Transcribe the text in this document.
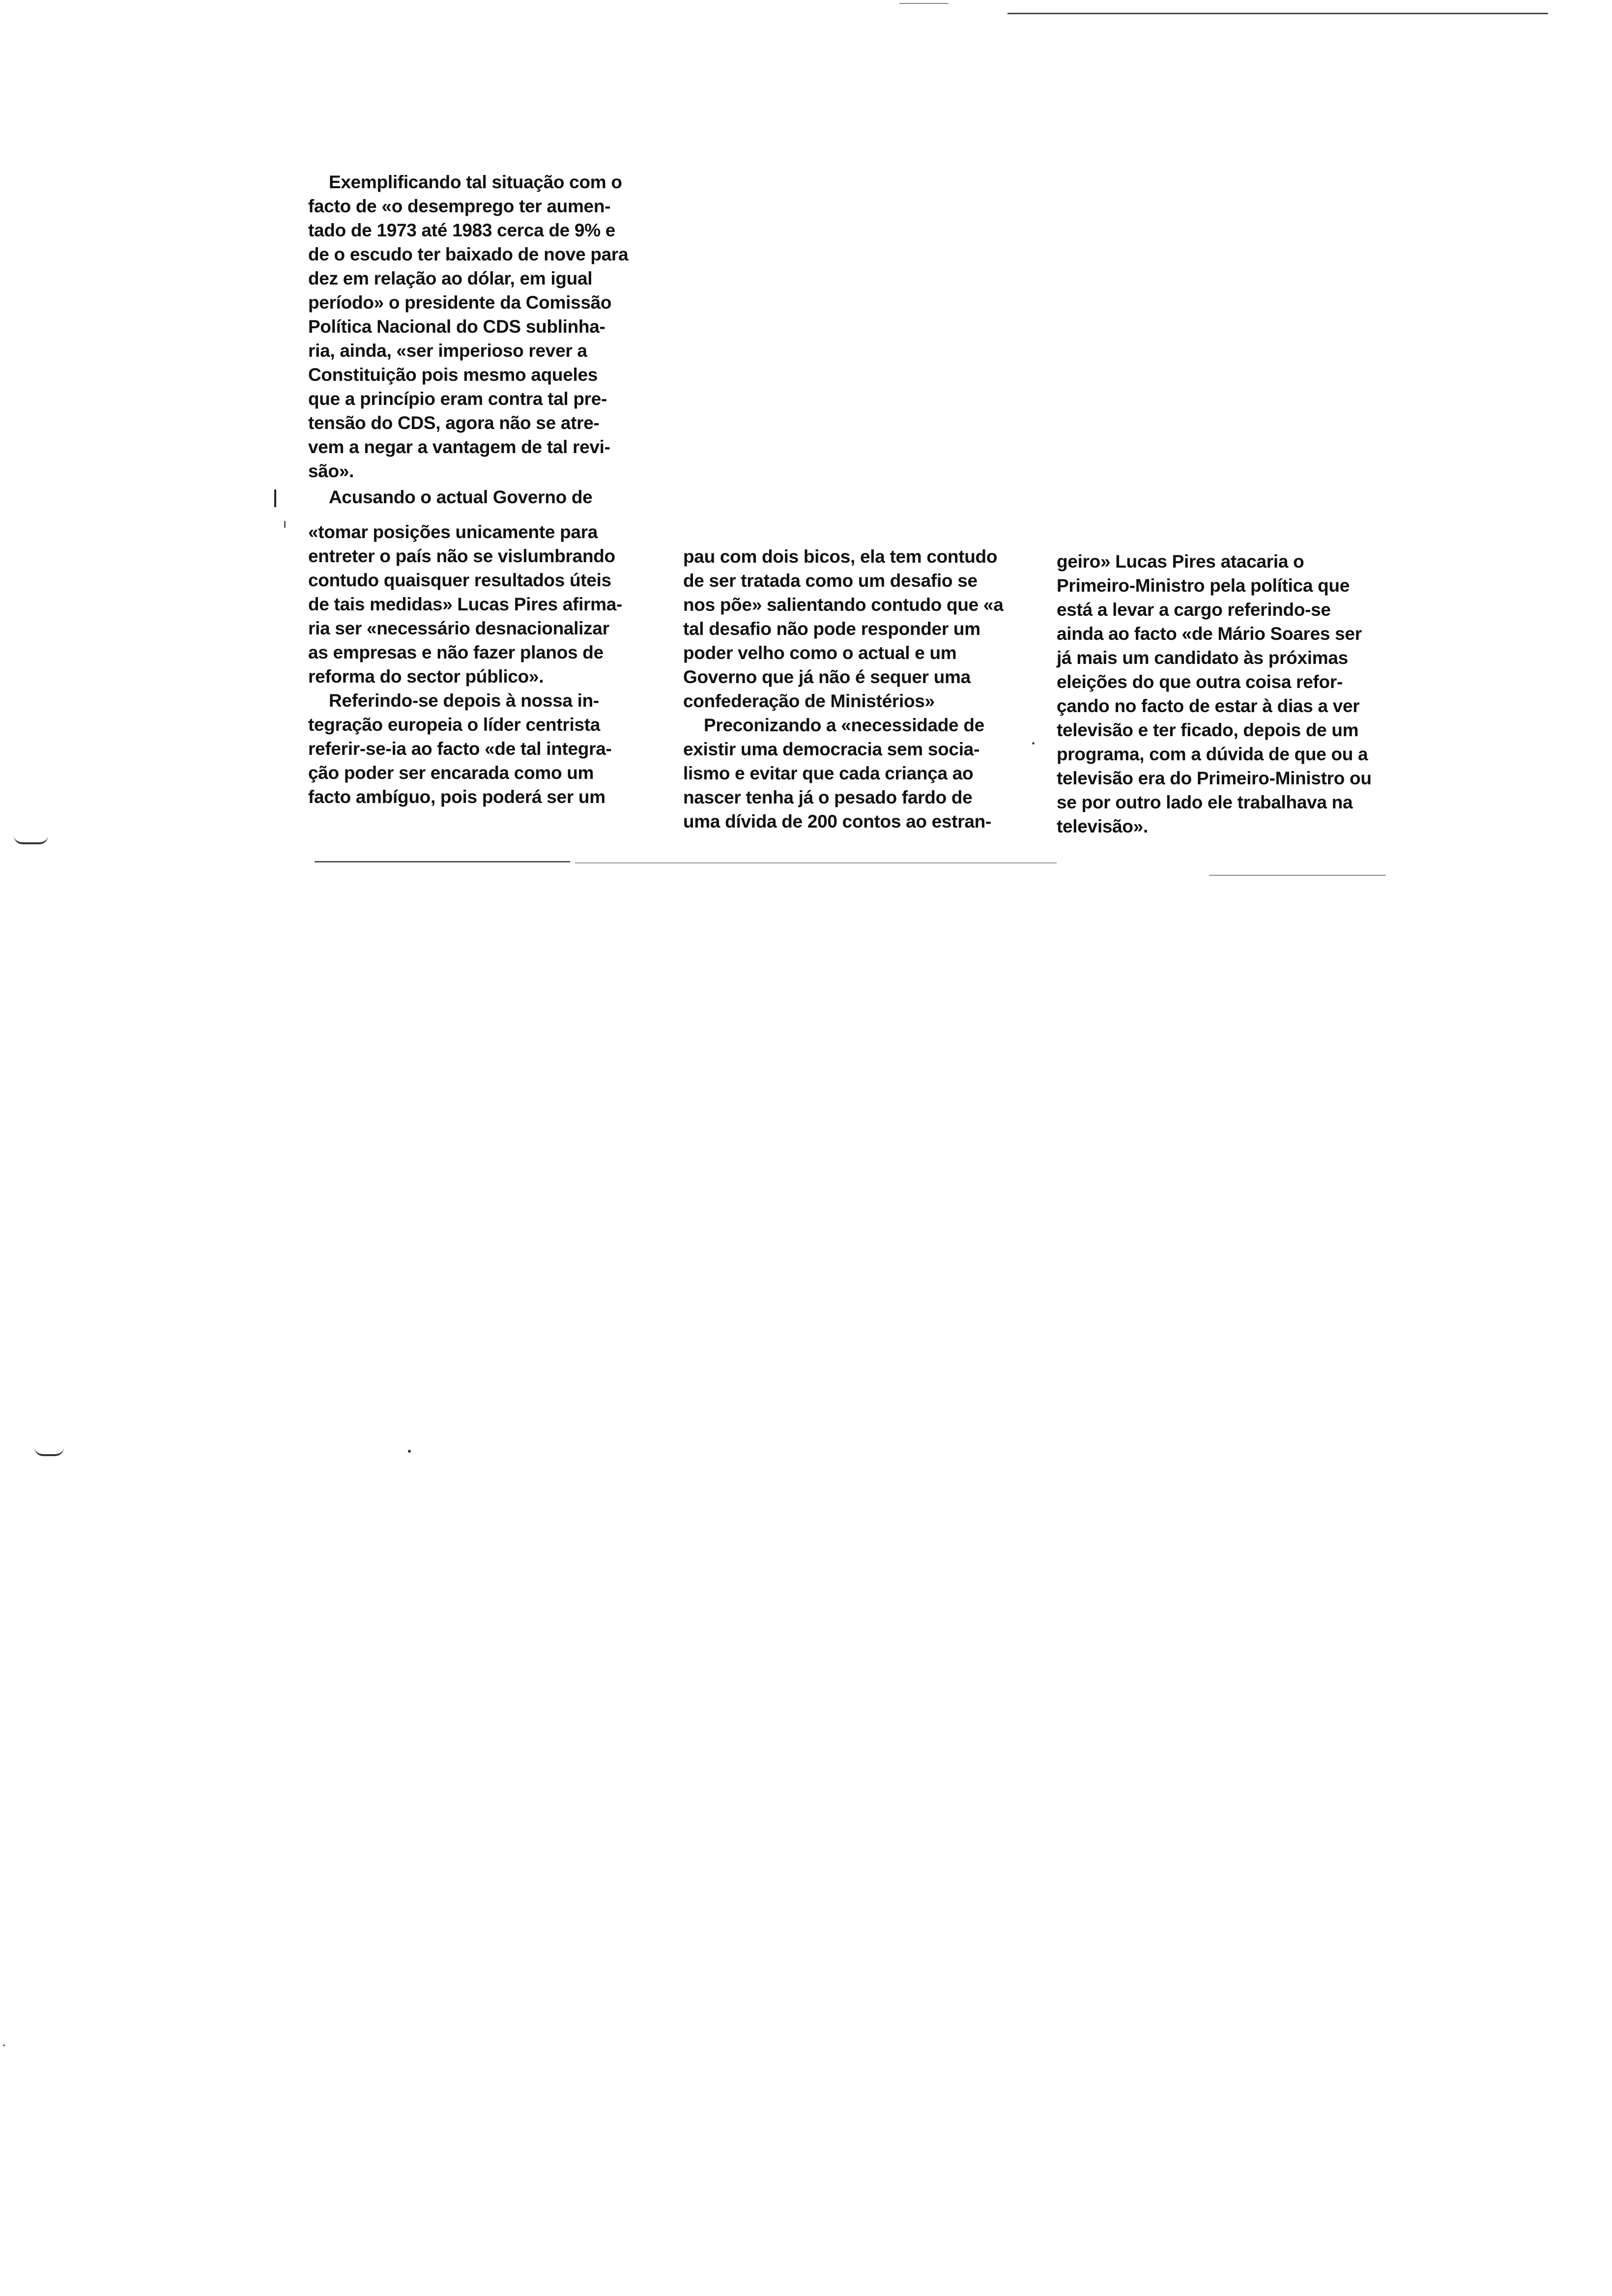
Exemplificando tal situação com o
facto de «o desemprego ter aumen-
tado de 1973 até 1983 cerca de 9% e
de o escudo ter baixado de nove para
dez em relação ao dólar, em igual
período» o presidente da Comissão
Política Nacional do CDS sublinha-
ria, ainda, «ser imperioso rever a
Constituição pois mesmo aqueles
que a princípio eram contra tal pre-
tensão do CDS, agora não se atre-
vem a negar a vantagem de tal revi-
são».

Acusando o actual Governo de

«tomar posições unicamente para
entreter o país não se vislumbrando
contudo quaisquer resultados úteis
de tais medidas» Lucas Pires afirma-
ria ser «necessário desnacionalizar
as empresas e não fazer planos de
reforma do sector público».

Referindo-se depois à nossa in-
tegração europeia o líder centrista
referir-se-ia ao facto «de tal integra-
ção poder ser encarada como um
facto ambíguo, pois poderá ser um

pau com dois bicos, ela tem contudo
de ser tratada como um desafio se
nos põe» salientando contudo que «a
tal desafio não pode responder um
poder velho como o actual e um
Governo que já não é sequer uma
confederação de Ministérios»

Preconizando a «necessidade de
existir uma democracia sem socia-
lismo e evitar que cada criança ao
nascer tenha já o pesado fardo de
uma dívida de 200 contos ao estran-

geiro» Lucas Pires atacaria o
Primeiro-Ministro pela política que
está a levar a cargo referindo-se
ainda ao facto «de Mário Soares ser
já mais um candidato às próximas
eleições do que outra coisa refor-
çando no facto de estar à dias a ver
televisão e ter ficado, depois de um
programa, com a dúvida de que ou a
televisão era do Primeiro-Ministro ou
se por outro lado ele trabalhava na
televisão».
